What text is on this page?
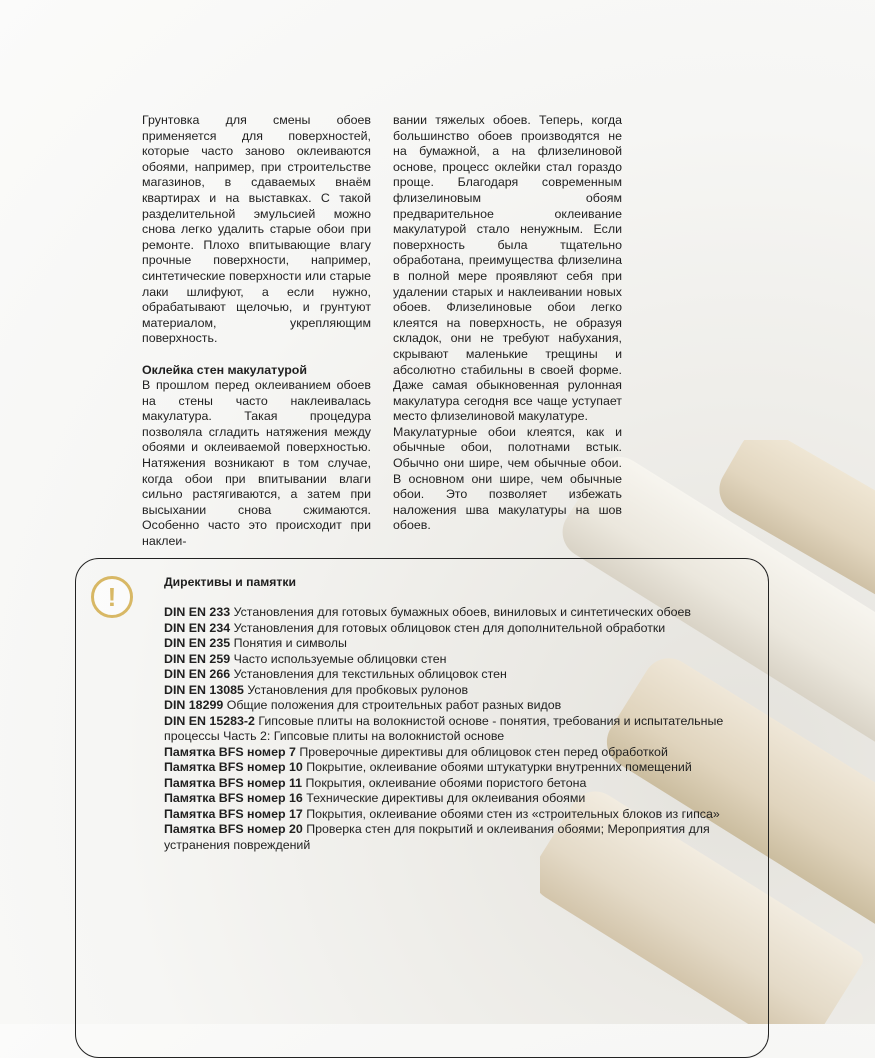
Грунтовка для смены обоев применяется для поверхностей, которые часто заново оклеиваются обоями, например, при строительстве магазинов, в сдаваемых внаём квартирах и на выставках. С такой разделительной эмульсией можно снова легко удалить старые обои при ремонте. Плохо впитывающие влагу прочные поверхности, например, синтетические поверхности или старые лаки шлифуют, а если нужно, обрабатывают щелочью, и грунтуют материалом, укрепляющим поверхность.

Оклейка стен макулатурой

В прошлом перед оклеиванием обоев на стены часто наклеивалась макулатура. Такая процедура позволяла сгладить натяжения между обоями и оклеиваемой поверхностью. Натяжения возникают в том случае, когда обои при впитывании влаги сильно растягиваются, а затем при высыхании снова сжимаются. Особенно часто это происходит при наклеи-

вании тяжелых обоев. Теперь, когда большинство обоев производятся не на бумажной, а на флизелиновой основе, процесс оклейки стал гораздо проще. Благодаря современным флизелиновым обоям предварительное оклеивание макулатурой стало ненужным. Если поверхность была тщательно обработана, преимущества флизелина в полной мере проявляют себя при удалении старых и наклеивании новых обоев. Флизелиновые обои легко клеятся на поверхность, не образуя складок, они не требуют набухания, скрывают маленькие трещины и абсолютно стабильны в своей форме. Даже самая обыкновенная рулонная макулатура сегодня все чаще уступает место флизелиновой макулатуре.

Макулатурные обои клеятся, как и обычные обои, полотнами встык. Обычно они шире, чем обычные обои. В основном они шире, чем обычные обои. Это позволяет избежать наложения шва макулатуры на шов обоев.

!	Директивы и памятки
DIN EN 233 Установления для готовых бумажных обоев, виниловых и синтетических обоев
DIN EN 234 Установления для готовых облицовок стен для дополнительной обработки
DIN EN 235 Понятия и символы
DIN EN 259 Часто используемые облицовки стен
DIN EN 266 Установления для текстильных облицовок стен
DIN EN 13085 Установления для пробковых рулонов
DIN 18299 Общие положения для строительных работ разных видов
DIN EN 15283-2 Гипсовые плиты на волокнистой основе - понятия, требования и испытательные процессы Часть 2: Гипсовые плиты на волокнистой основе
Памятка BFS номер 7 Проверочные директивы для облицовок стен перед обработкой
Памятка BFS номер 10 Покрытие, оклеивание обоями штукатурки внутренних помещений
Памятка BFS номер 11 Покрытия, оклеивание обоями пористого бетона
Памятка BFS номер 16 Технические директивы для оклеивания обоями
Памятка BFS номер 17 Покрытия, оклеивание обоями стен из «строительных блоков из гипса»
Памятка BFS номер 20 Проверка стен для покрытий и оклеивания обоями; Мероприятия для устранения повреждений
